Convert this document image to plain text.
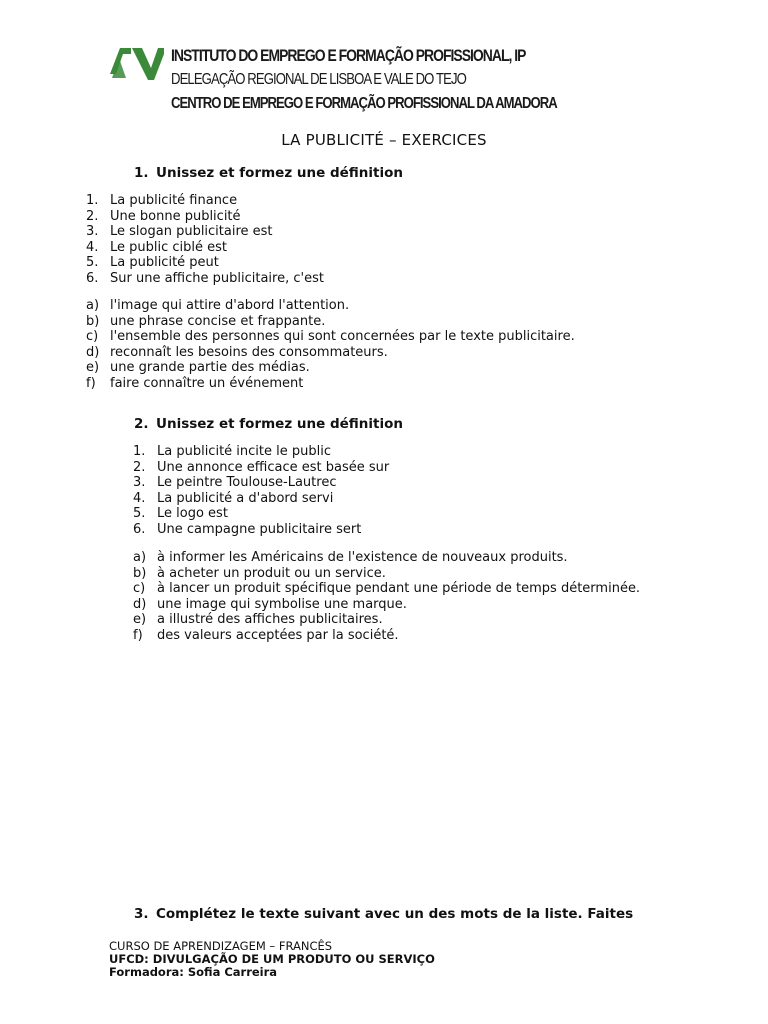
INSTITUTO DO EMPREGO E FORMAÇÃO PROFISSIONAL, IP
DELEGAÇÃO REGIONAL DE LISBOA E VALE DO TEJO
CENTRO DE EMPREGO E FORMAÇÃO PROFISSIONAL DA AMADORA
LA PUBLICITÉ – EXERCICES
1. Unissez et formez une définition
1. La publicité finance
2. Une bonne publicité
3. Le slogan publicitaire est
4. Le public ciblé est
5. La publicité peut
6. Sur une affiche publicitaire, c'est
a) l'image qui attire d'abord l'attention.
b) une phrase concise et frappante.
c) l'ensemble des personnes qui sont concernées par le texte publicitaire.
d) reconnaît les besoins des consommateurs.
e) une grande partie des médias.
f) faire connaître un événement
2. Unissez et formez une définition
1. La publicité incite le public
2. Une annonce efficace est basée sur
3. Le peintre Toulouse-Lautrec
4. La publicité a d'abord servi
5. Le logo est
6. Une campagne publicitaire sert
a) à informer les Américains de l'existence de nouveaux produits.
b) à acheter un produit ou un service.
c) à lancer un produit spécifique pendant une période de temps déterminée.
d) une image qui symbolise une marque.
e) a illustré des affiches publicitaires.
f) des valeurs acceptées par la société.
3. Complétez le texte suivant avec un des mots de la liste. Faites
CURSO DE APRENDIZAGEM – FRANCÊS
UFCD: DIVULGAÇÃO DE UM PRODUTO OU SERVIÇO
Formadora: Sofia Carreira
